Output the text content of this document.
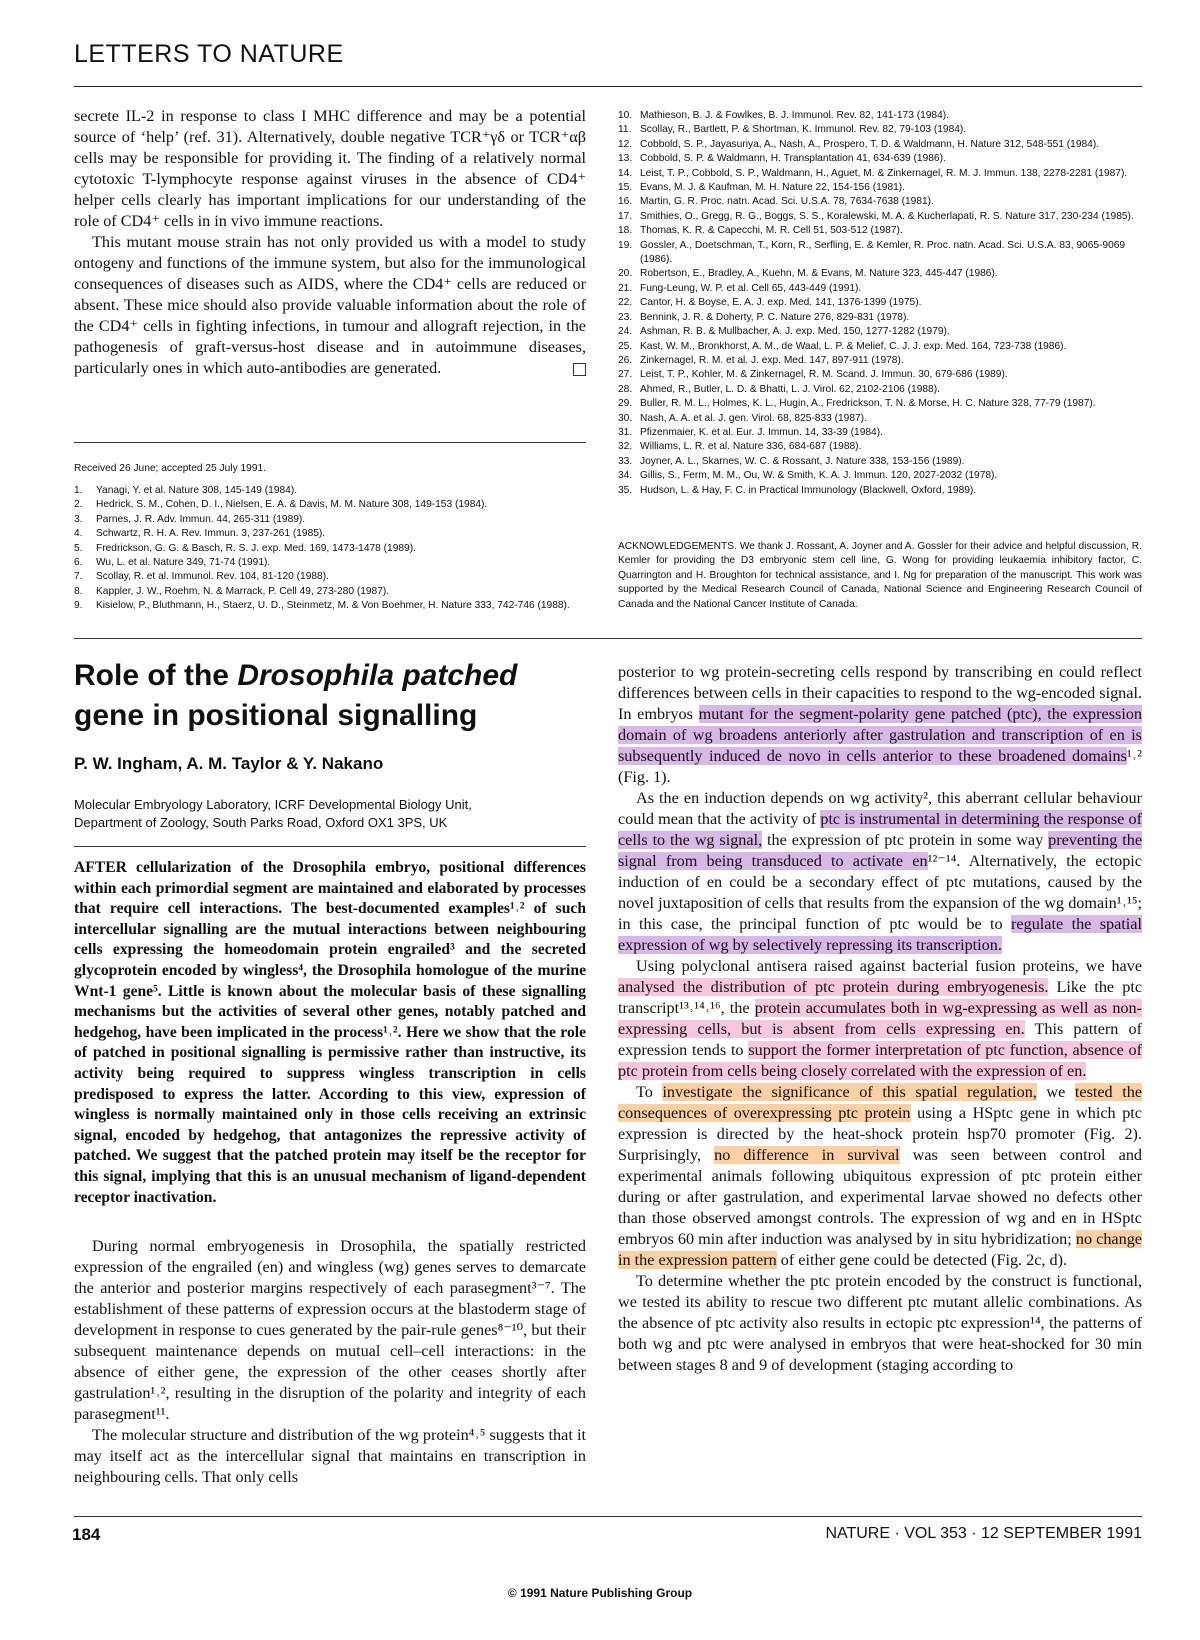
LETTERS TO NATURE

secrete IL-2 in response to class I MHC difference and may be a potential source of ‘help’ (ref. 31). Alternatively, double negative TCR⁺γδ or TCR⁺αβ cells may be responsible for providing it. The finding of a relatively normal cytotoxic T-lymphocyte response against viruses in the absence of CD4⁺ helper cells clearly has important implications for our understanding of the role of CD4⁺ cells in in vivo immune reactions.

This mutant mouse strain has not only provided us with a model to study ontogeny and functions of the immune system, but also for the immunological consequences of diseases such as AIDS, where the CD4⁺ cells are reduced or absent. These mice should also provide valuable information about the role of the CD4⁺ cells in fighting infections, in tumour and allograft rejection, in the pathogenesis of graft-versus-host disease and in autoimmune diseases, particularly ones in which auto-antibodies are generated.

Received 26 June; accepted 25 July 1991.
1.	Yanagi, Y. et al. Nature 308, 145-149 (1984).
2.	Hedrick, S. M., Cohen, D. I., Nielsen, E. A. & Davis, M. M. Nature 308, 149-153 (1984).
3.	Parnes, J. R. Adv. Immun. 44, 265-311 (1989).
4.	Schwartz, R. H. A. Rev. Immun. 3, 237-261 (1985).
5.	Fredrickson, G. G. & Basch, R. S. J. exp. Med. 169, 1473-1478 (1989).
6.	Wu, L. et al. Nature 349, 71-74 (1991).
7.	Scollay, R. et al. Immunol. Rev. 104, 81-120 (1988).
8.	Kappler, J. W., Roehm, N. & Marrack, P. Cell 49, 273-280 (1987).
9.	Kisielow, P., Bluthmann, H., Staerz, U. D., Steinmetz, M. & Von Boehmer, H. Nature 333, 742-746 (1988).
10. Mathieson, B. J. & Fowlkes, B. J. Immunol. Rev. 82, 141-173 (1984).
11. Scollay, R., Bartlett, P. & Shortman, K. Immunol. Rev. 82, 79-103 (1984).
12. Cobbold, S. P., Jayasuriya, A., Nash, A., Prospero, T. D. & Waldmann, H. Nature 312, 548-551 (1984).
13. Cobbold, S. P. & Waldmann, H. Transplantation 41, 634-639 (1986).
14. Leist, T. P., Cobbold, S. P., Waldmann, H., Aguet, M. & Zinkernagel, R. M. J. Immun. 138, 2278-2281 (1987).
15. Evans, M. J. & Kaufman, M. H. Nature 22, 154-156 (1981).
16. Martin, G. R. Proc. natn. Acad. Sci. U.S.A. 78, 7634-7638 (1981).
17. Smithies, O., Gregg, R. G., Boggs, S. S., Koralewski, M. A. & Kucherlapati, R. S. Nature 317, 230-234 (1985).
18. Thomas, K. R. & Capecchi, M. R. Cell 51, 503-512 (1987).
19. Gossler, A., Doetschman, T., Korn, R., Serfling, E. & Kemler, R. Proc. natn. Acad. Sci. U.S.A. 83, 9065-9069 (1986).
20. Robertson, E., Bradley, A., Kuehn, M. & Evans, M. Nature 323, 445-447 (1986).
21. Fung-Leung, W. P. et al. Cell 65, 443-449 (1991).
22. Cantor, H. & Boyse, E. A. J. exp. Med. 141, 1376-1399 (1975).
23. Bennink, J. R. & Doherty, P. C. Nature 276, 829-831 (1978).
24. Ashman, R. B. & Mullbacher, A. J. exp. Med. 150, 1277-1282 (1979).
25. Kast, W. M., Bronkhorst, A. M., de Waal, L. P. & Melief, C. J. J. exp. Med. 164, 723-738 (1986).
26. Zinkernagel, R. M. et al. J. exp. Med. 147, 897-911 (1978).
27. Leist, T. P., Kohler, M. & Zinkernagel, R. M. Scand. J. Immun. 30, 679-686 (1989).
28. Ahmed, R., Butler, L. D. & Bhatti, L. J. Virol. 62, 2102-2106 (1988).
29. Buller, R. M. L., Holmes, K. L., Hugin, A., Fredrickson, T. N. & Morse, H. C. Nature 328, 77-79 (1987).
30. Nash, A. A. et al. J. gen. Virol. 68, 825-833 (1987).
31. Pfizenmaier, K. et al. Eur. J. Immun. 14, 33-39 (1984).
32. Williams, L. R. et al. Nature 336, 684-687 (1988).
33. Joyner, A. L., Skarnes, W. C. & Rossant, J. Nature 338, 153-156 (1989).
34. Gillis, S., Ferm, M. M., Ou, W. & Smith, K. A. J. Immun. 120, 2027-2032 (1978).
35. Hudson, L. & Hay, F. C. in Practical Immunology (Blackwell, Oxford, 1989).
ACKNOWLEDGEMENTS. We thank J. Rossant, A. Joyner and A. Gossler for their advice and helpful discussion, R. Kemler for providing the D3 embryonic stem cell line, G. Wong for providing leukaemia inhibitory factor, C. Quarrington and H. Broughton for technical assistance, and I. Ng for preparation of the manuscript. This work was supported by the Medical Research Council of Canada, National Science and Engineering Research Council of Canada and the National Cancer Institute of Canada.
Role of the Drosophila patched
gene in positional signalling
P. W. Ingham, A. M. Taylor & Y. Nakano
Molecular Embryology Laboratory, ICRF Developmental Biology Unit,
Department of Zoology, South Parks Road, Oxford OX1 3PS, UK
AFTER cellularization of the Drosophila embryo, positional differences within each primordial segment are maintained and elaborated by processes that require cell interactions. The best-documented examples¹˒² of such intercellular signalling are the mutual interactions between neighbouring cells expressing the homeodomain protein engrailed³ and the secreted glycoprotein encoded by wingless⁴, the Drosophila homologue of the murine Wnt-1 gene⁵. Little is known about the molecular basis of these signalling mechanisms but the activities of several other genes, notably patched and hedgehog, have been implicated in the process¹˒². Here we show that the role of patched in positional signalling is permissive rather than instructive, its activity being required to suppress wingless transcription in cells predisposed to express the latter. According to this view, expression of wingless is normally maintained only in those cells receiving an extrinsic signal, encoded by hedgehog, that antagonizes the repressive activity of patched. We suggest that the patched protein may itself be the receptor for this signal, implying that this is an unusual mechanism of ligand-dependent receptor inactivation.

During normal embryogenesis in Drosophila, the spatially restricted expression of the engrailed (en) and wingless (wg) genes serves to demarcate the anterior and posterior margins respectively of each parasegment³⁻⁷. The establishment of these patterns of expression occurs at the blastoderm stage of development in response to cues generated by the pair-rule genes⁸⁻¹⁰, but their subsequent maintenance depends on mutual cell–cell interactions: in the absence of either gene, the expression of the other ceases shortly after gastrulation¹˒², resulting in the disruption of the polarity and integrity of each parasegment¹¹.

The molecular structure and distribution of the wg protein⁴˒⁵ suggests that it may itself act as the intercellular signal that maintains en transcription in neighbouring cells. That only cells

posterior to wg protein-secreting cells respond by transcribing en could reflect differences between cells in their capacities to respond to the wg-encoded signal. In embryos mutant for the segment-polarity gene patched (ptc), the expression domain of wg broadens anteriorly after gastrulation and transcription of en is subsequently induced de novo in cells anterior to these broadened domains¹˒² (Fig. 1).

As the en induction depends on wg activity², this aberrant cellular behaviour could mean that the activity of ptc is instrumental in determining the response of cells to the wg signal, the expression of ptc protein in some way preventing the signal from being transduced to activate en¹²⁻¹⁴. Alternatively, the ectopic induction of en could be a secondary effect of ptc mutations, caused by the novel juxtaposition of cells that results from the expansion of the wg domain¹˒¹⁵; in this case, the principal function of ptc would be to regulate the spatial expression of wg by selectively repressing its transcription.

Using polyclonal antisera raised against bacterial fusion proteins, we have analysed the distribution of ptc protein during embryogenesis. Like the ptc transcript¹³˒¹⁴˒¹⁶, the protein accumulates both in wg-expressing as well as non-expressing cells, but is absent from cells expressing en. This pattern of expression tends to support the former interpretation of ptc function, absence of ptc protein from cells being closely correlated with the expression of en.

To investigate the significance of this spatial regulation, we tested the consequences of overexpressing ptc protein using a HSptc gene in which ptc expression is directed by the heat-shock protein hsp70 promoter (Fig. 2). Surprisingly, no difference in survival was seen between control and experimental animals following ubiquitous expression of ptc protein either during or after gastrulation, and experimental larvae showed no defects other than those observed amongst controls. The expression of wg and en in HSptc embryos 60 min after induction was analysed by in situ hybridization; no change in the expression pattern of either gene could be detected (Fig. 2c, d).

To determine whether the ptc protein encoded by the construct is functional, we tested its ability to rescue two different ptc mutant allelic combinations. As the absence of ptc activity also results in ectopic ptc expression¹⁴, the patterns of both wg and ptc were analysed in embryos that were heat-shocked for 30 min between stages 8 and 9 of development (staging according to

184	NATURE · VOL 353 · 12 SEPTEMBER 1991
© 1991 Nature Publishing Group
